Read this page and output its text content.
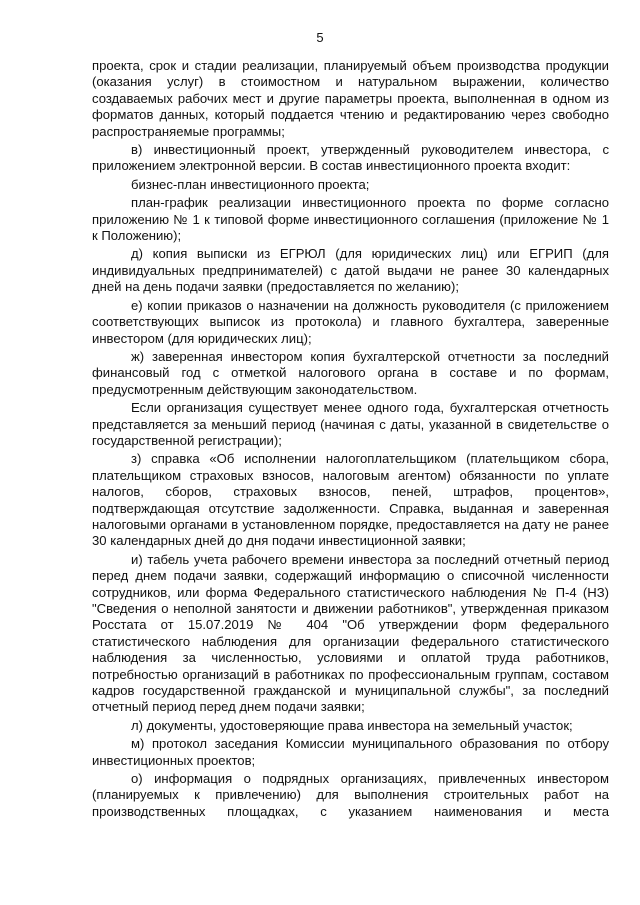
5

проекта, срок и стадии реализации, планируемый объем производства продукции (оказания услуг) в стоимостном и натуральном выражении, количество создаваемых рабочих мест и другие параметры проекта, выполненная в одном из форматов данных, который поддается чтению и редактированию через свободно распространяемые программы;

в) инвестиционный проект, утвержденный руководителем инвестора, с приложением электронной версии. В состав инвестиционного проекта входит:

бизнес-план инвестиционного проекта;

план-график реализации инвестиционного проекта по форме согласно приложению № 1 к типовой форме инвестиционного соглашения (приложение № 1 к Положению);

д) копия выписки из ЕГРЮЛ (для юридических лиц) или ЕГРИП (для индивидуальных предпринимателей) с датой выдачи не ранее 30 календарных дней на день подачи заявки (предоставляется по желанию);

е) копии приказов о назначении на должность руководителя (с приложением соответствующих выписок из протокола) и главного бухгалтера, заверенные инвестором (для юридических лиц);

ж) заверенная инвестором копия бухгалтерской отчетности за последний финансовый год с отметкой налогового органа в составе и по формам, предусмотренным действующим законодательством.

Если организация существует менее одного года, бухгалтерская отчетность представляется за меньший период (начиная с даты, указанной в свидетельстве о государственной регистрации);

з) справка «Об исполнении налогоплательщиком (плательщиком сбора, плательщиком страховых взносов, налоговым агентом) обязанности по уплате налогов, сборов, страховых взносов, пеней, штрафов, процентов», подтверждающая отсутствие задолженности. Справка, выданная и заверенная налоговыми органами в установленном порядке, предоставляется на дату не ранее 30 календарных дней до дня подачи инвестиционной заявки;

и) табель учета рабочего времени инвестора за последний отчетный период перед днем подачи заявки, содержащий информацию о списочной численности сотрудников, или форма Федерального статистического наблюдения № П-4 (НЗ) "Сведения о неполной занятости и движении работников", утвержденная приказом Росстата от 15.07.2019 № 404 "Об утверждении форм федерального статистического наблюдения для организации федерального статистического наблюдения за численностью, условиями и оплатой труда работников, потребностью организаций в работниках по профессиональным группам, составом кадров государственной гражданской и муниципальной службы", за последний отчетный период перед днем подачи заявки;

л) документы, удостоверяющие права инвестора на земельный участок;

м) протокол заседания Комиссии муниципального образования по отбору инвестиционных проектов;

о) информация о подрядных организациях, привлеченных инвестором (планируемых к привлечению) для выполнения строительных работ на производственных площадках, с указанием наименования и места
